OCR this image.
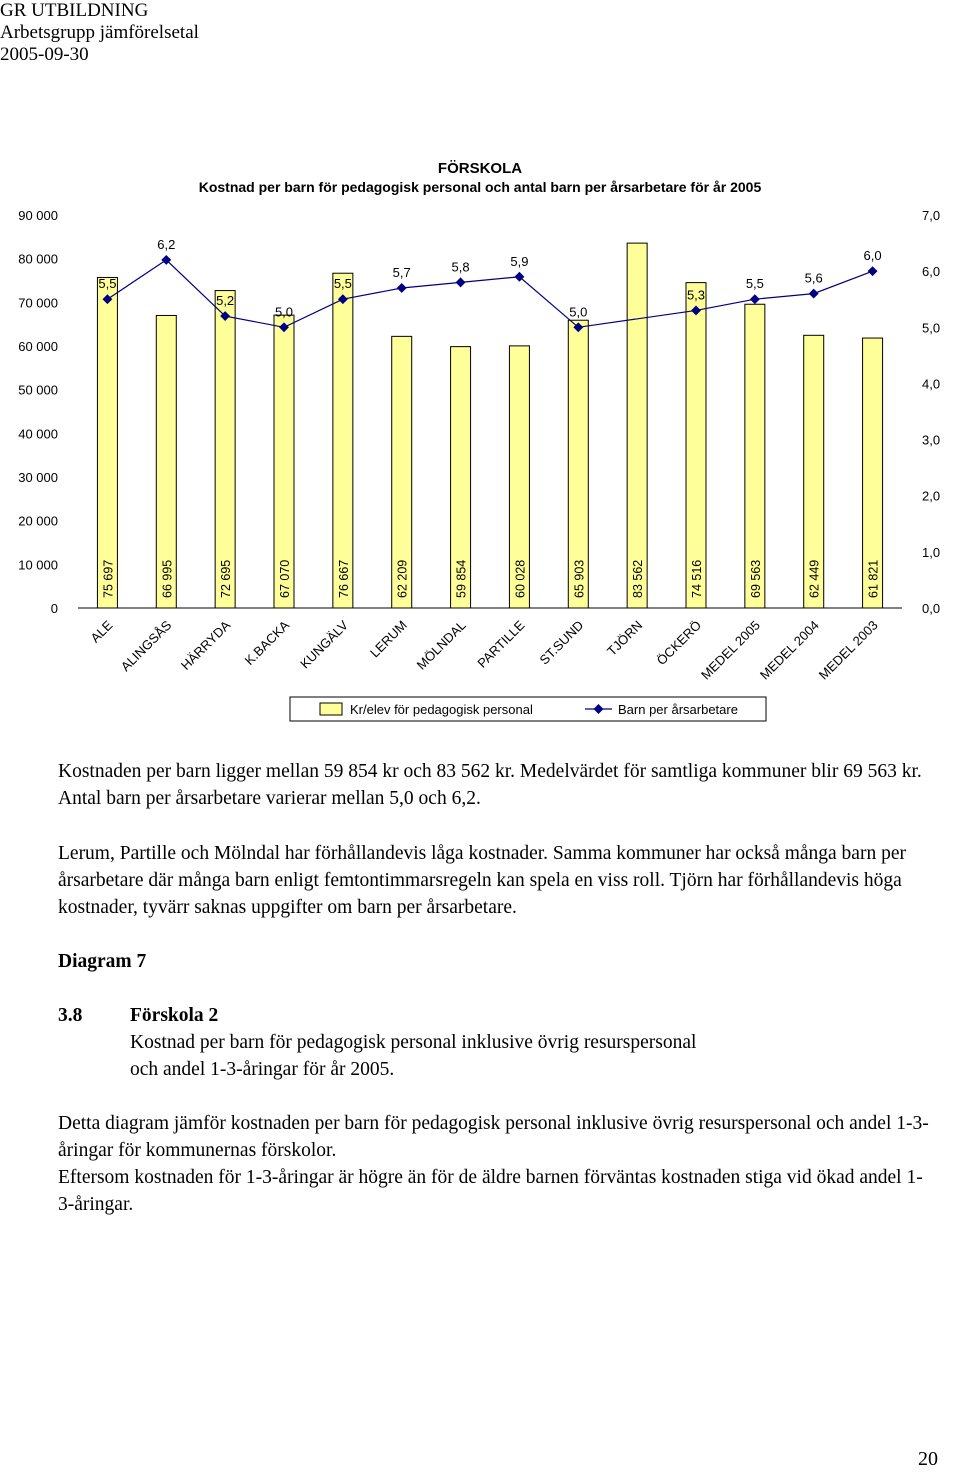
GR UTBILDNING
Arbetsgrupp jämförelsetal
2005-09-30
FÖRSKOLA
Kostnad per barn för pedagogisk personal och antal barn per årsarbetare för år 2005
0
10 000
20 000
30 000
40 000
50 000
60 000
70 000
80 000
90 000
0,0
1,0
2,0
3,0
4,0
5,0
6,0
7,0
75 697	66 995	72 695	67 070	76 667	62 209	59 854	60 028	65 903	83 562	74 516	69 563	62 449	61 821
5,5
6,2
5,2
5,0
5,5
5,7	5,8	5,9
5,0
5,3
5,5	5,6
6,0
ALE ALINGSÅS HÄRRYDA K.BACKA KUNGÄLV LERUM MÖLNDAL PARTILLE ST.SUND TJÖRN ÖCKERÖ
MEDEL 2005
MEDEL 2004
MEDEL 2003
Kr/elev för pedagogisk personal	Barn per årsarbetare

Kostnaden per barn ligger mellan 59 854 kr och 83 562 kr. Medelvärdet för samtliga kommuner blir 69 563 kr. Antal barn per årsarbetare varierar mellan 5,0 och 6,2.

Lerum, Partille och Mölndal har förhållandevis låga kostnader. Samma kommuner har också många barn per årsarbetare där många barn enligt femtontimmarsregeln kan spela en viss roll. Tjörn har förhållandevis höga kostnader, tyvärr saknas uppgifter om barn per årsarbetare.

Diagram 7
3.8	Förskola 2
Kostnad per barn för pedagogisk personal inklusive övrig resurspersonal
och andel 1-3-åringar för år 2005.

Detta diagram jämför kostnaden per barn för pedagogisk personal inklusive övrig resurspersonal och andel 1-3-åringar för kommunernas förskolor.

Eftersom kostnaden för 1-3-åringar är högre än för de äldre barnen förväntas kostnaden stiga vid ökad andel 1-3-åringar.

20
